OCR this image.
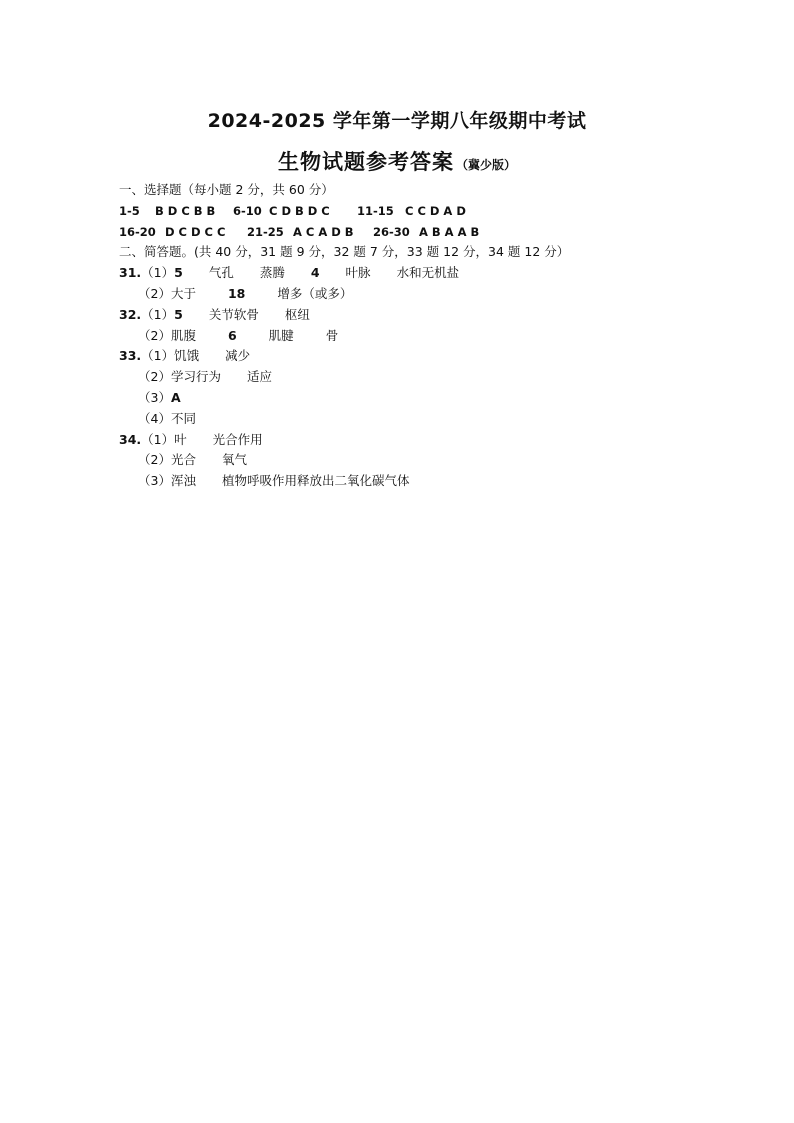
2024-2025 学年第一学期八年级期中考试
生物试题参考答案 （冀少版）
一、选择题（每小题 2 分，共 60 分）
1-5 B D C B B 6-10 C D B D C 11-15 C C D A D
16-20 D C D C C 21-25 A C A D B 26-30 A B A A B
二、简答题。(共 40 分，31 题 9 分，32 题 7 分，33 题 12 分，34 题 12 分）
31.（1）5 气孔 蒸腾 4 叶脉 水和无机盐
（2）大于	18	增多（或多）
32.（1）5 关节软骨 枢纽
（2）肌腹	6	肌腱	骨
33.（1）饥饿 减少
（2）学习行为 适应
（3）A
（4）不同
34.（1）叶 光合作用
（2）光合 氧气
（3）浑浊 植物呼吸作用释放出二氧化碳气体
